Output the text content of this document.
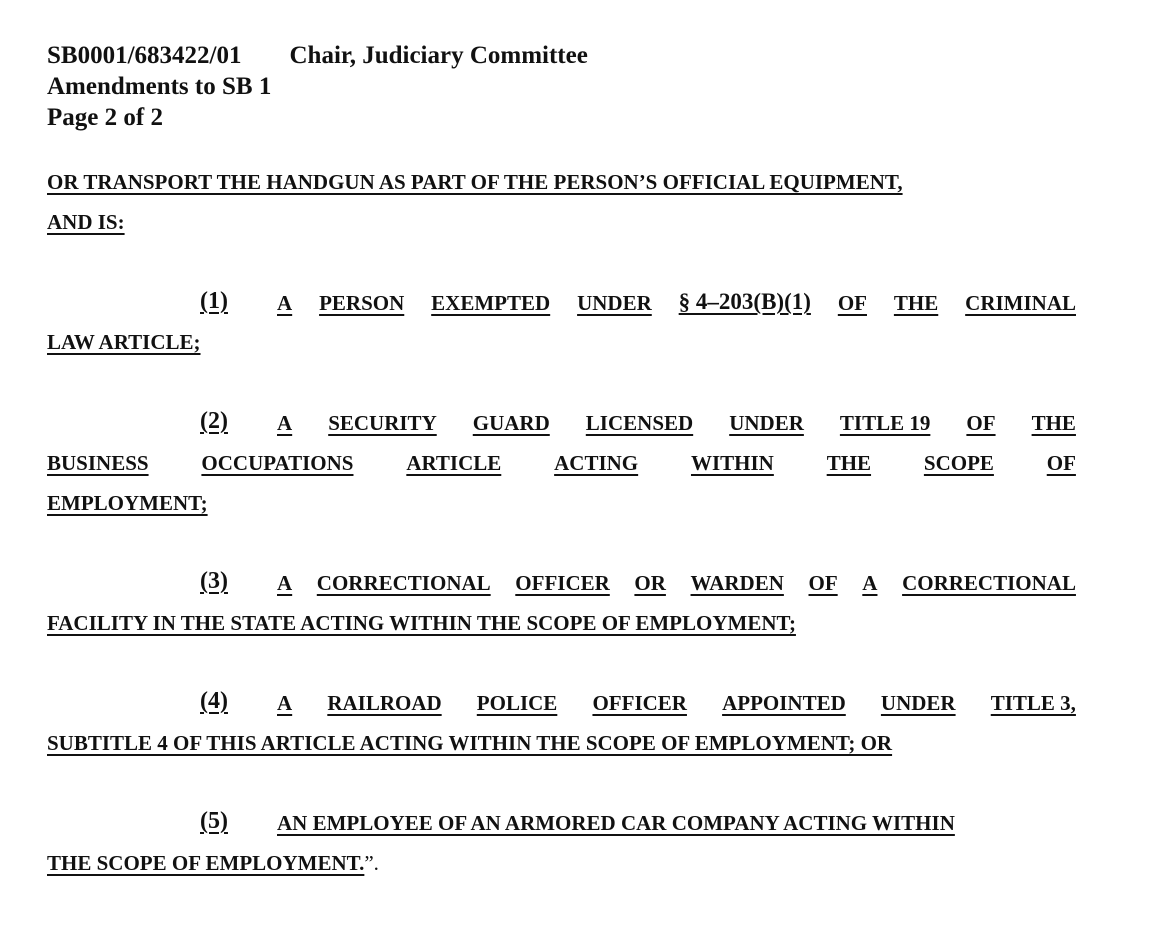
SB0001/683422/01 Chair, Judiciary Committee
Amendments to SB 1
Page 2 of 2
OR TRANSPORT THE HANDGUN AS PART OF THE PERSON’S OFFICIAL EQUIPMENT,
AND IS:
(1) A PERSON EXEMPTED UNDER § 4–203(B)(1) OF THE CRIMINAL
LAW ARTICLE;
(2) A SECURITY GUARD LICENSED UNDER TITLE 19 OF THE
BUSINESS	OCCUPATIONS	ARTICLE	ACTING	WITHIN	THE	SCOPE	OF
EMPLOYMENT;
(3) A CORRECTIONAL OFFICER OR WARDEN OF A CORRECTIONAL
FACILITY IN THE STATE ACTING WITHIN THE SCOPE OF EMPLOYMENT;
(4) A RAILROAD POLICE OFFICER APPOINTED UNDER TITLE 3,
SUBTITLE 4 OF THIS ARTICLE ACTING WITHIN THE SCOPE OF EMPLOYMENT; OR
(5) AN EMPLOYEE OF AN ARMORED CAR COMPANY ACTING WITHIN
THE SCOPE OF EMPLOYMENT.”.
